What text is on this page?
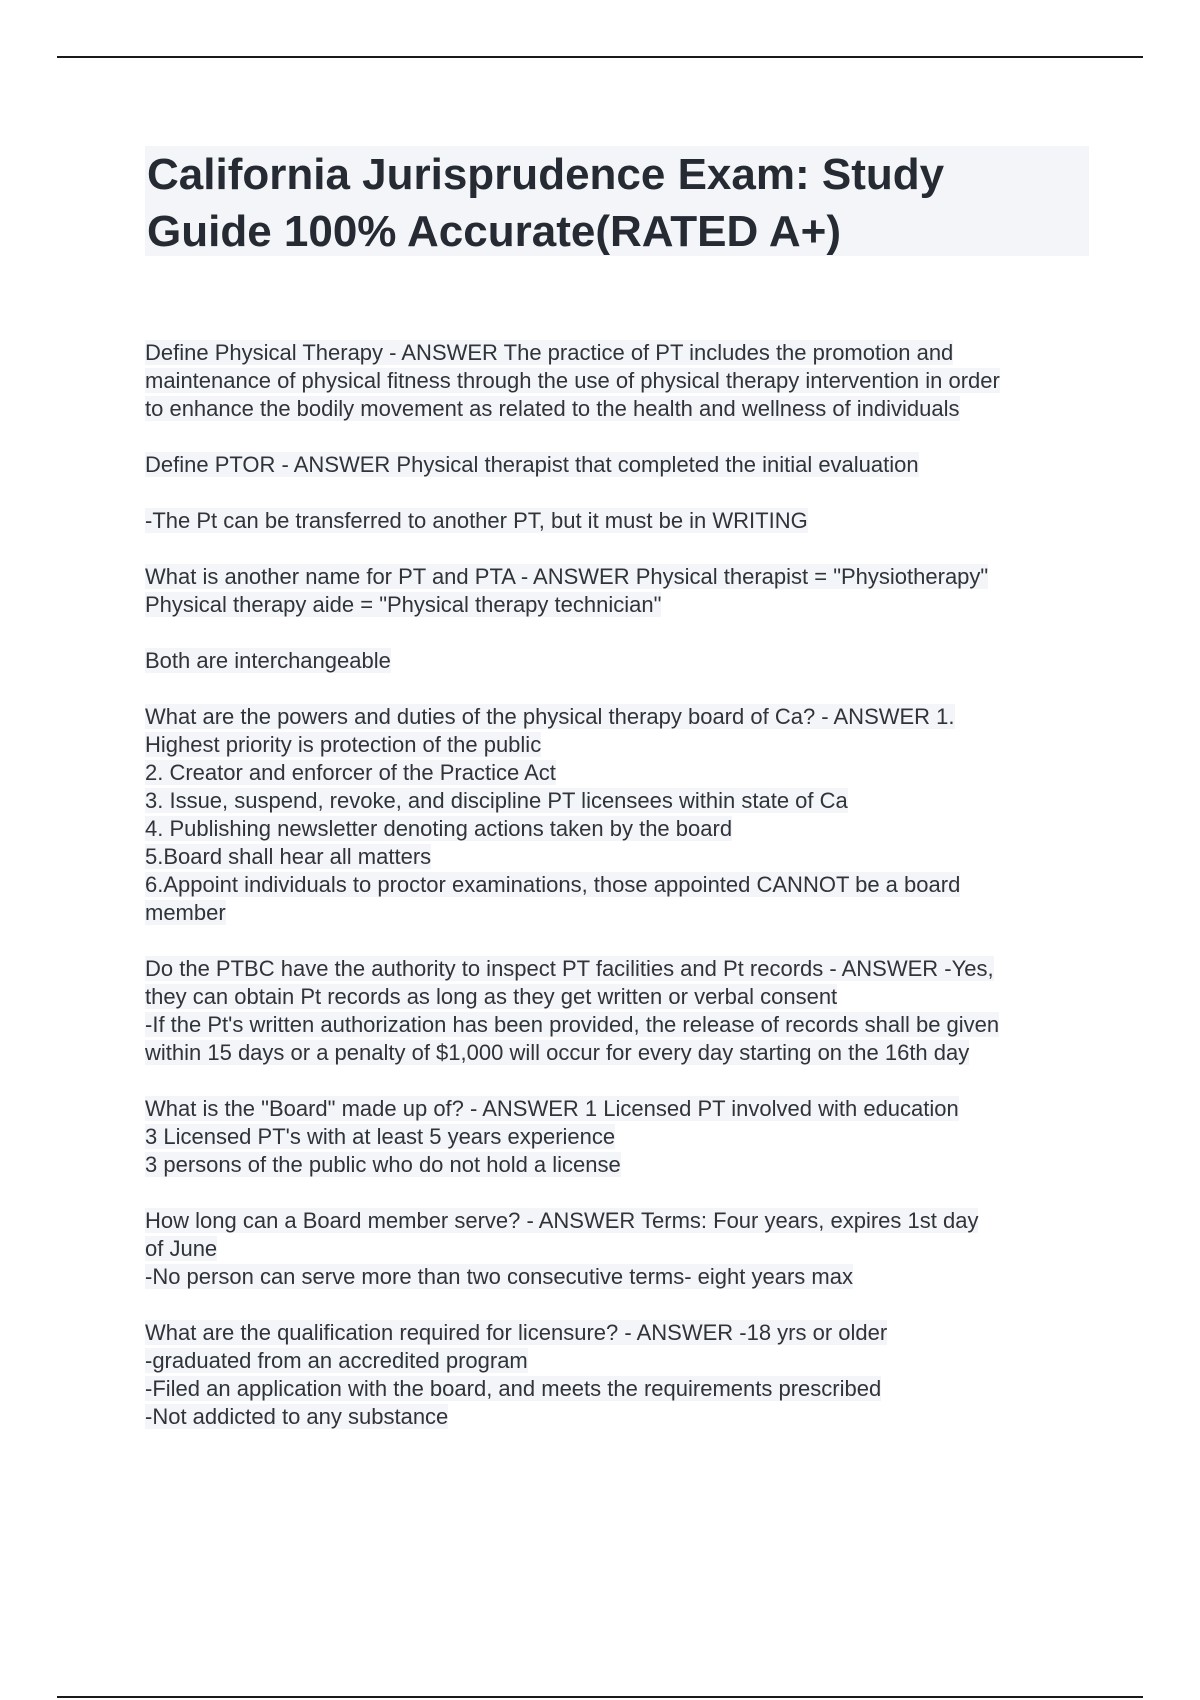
California Jurisprudence Exam: Study
Guide 100% Accurate(RATED A+)
Define Physical Therapy - ANSWER The practice of PT includes the promotion and
maintenance of physical fitness through the use of physical therapy intervention in order
to enhance the bodily movement as related to the health and wellness of individuals
Define PTOR - ANSWER Physical therapist that completed the initial evaluation
-The Pt can be transferred to another PT, but it must be in WRITING
What is another name for PT and PTA - ANSWER Physical therapist = "Physiotherapy"
Physical therapy aide = "Physical therapy technician"
Both are interchangeable
What are the powers and duties of the physical therapy board of Ca? - ANSWER 1.
Highest priority is protection of the public
2. Creator and enforcer of the Practice Act
3. Issue, suspend, revoke, and discipline PT licensees within state of Ca
4. Publishing newsletter denoting actions taken by the board
5.Board shall hear all matters
6.Appoint individuals to proctor examinations, those appointed CANNOT be a board
member
Do the PTBC have the authority to inspect PT facilities and Pt records - ANSWER -Yes,
they can obtain Pt records as long as they get written or verbal consent
-If the Pt's written authorization has been provided, the release of records shall be given
within 15 days or a penalty of $1,000 will occur for every day starting on the 16th day
What is the "Board" made up of? - ANSWER 1 Licensed PT involved with education
3 Licensed PT's with at least 5 years experience
3 persons of the public who do not hold a license
How long can a Board member serve? - ANSWER Terms: Four years, expires 1st day
of June
-No person can serve more than two consecutive terms- eight years max
What are the qualification required for licensure? - ANSWER -18 yrs or older
-graduated from an accredited program
-Filed an application with the board, and meets the requirements prescribed
-Not addicted to any substance
